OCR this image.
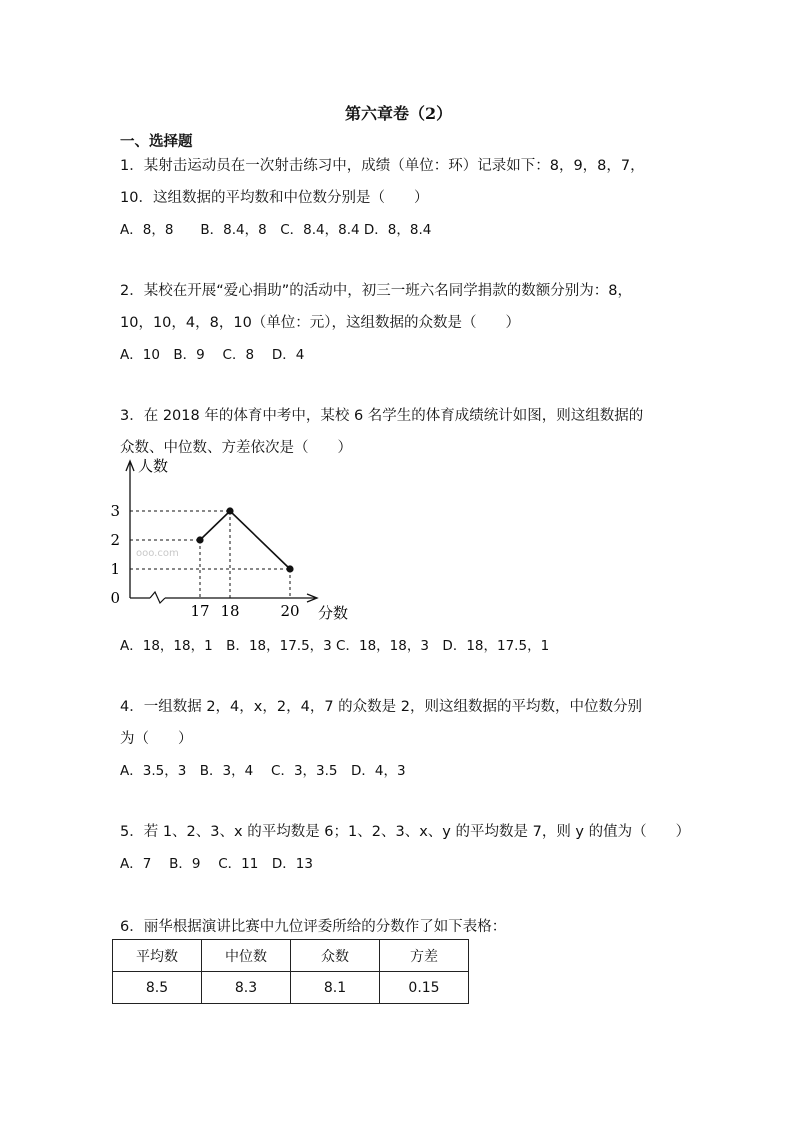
第六章卷（2）
一、选择题
1．某射击运动员在一次射击练习中，成绩（单位：环）记录如下：8，9，8，7，
10．这组数据的平均数和中位数分别是（　　）
A．8，8　　B．8.4，8　C．8.4，8.4 D．8，8.4
2．某校在开展“爱心捐助”的活动中，初三一班六名同学捐款的数额分别为：8，
10，10，4，8，10（单位：元），这组数据的众数是（　　）
A．10　B．9　 C．8　 D．4
3．在 2018 年的体育中考中，某校 6 名学生的体育成绩统计如图，则这组数据的
众数、中位数、方差依次是（　　）
ooo.com
1
2
3
0
17 18	20
人数
分数
A．18，18，1　B．18，17.5，3 C．18，18，3　D．18，17.5，1
4．一组数据 2，4，x，2，4，7 的众数是 2，则这组数据的平均数，中位数分别
为（　　）
A．3.5，3　B．3，4　 C．3，3.5　D．4，3
5．若 1、2、3、x 的平均数是 6；1、2、3、x、y 的平均数是 7，则 y 的值为（　　）
A．7　 B．9　 C．11　D．13
6．丽华根据演讲比赛中九位评委所给的分数作了如下表格：
平均数	中位数	众数	方差
8.5	8.3	8.1	0.15
